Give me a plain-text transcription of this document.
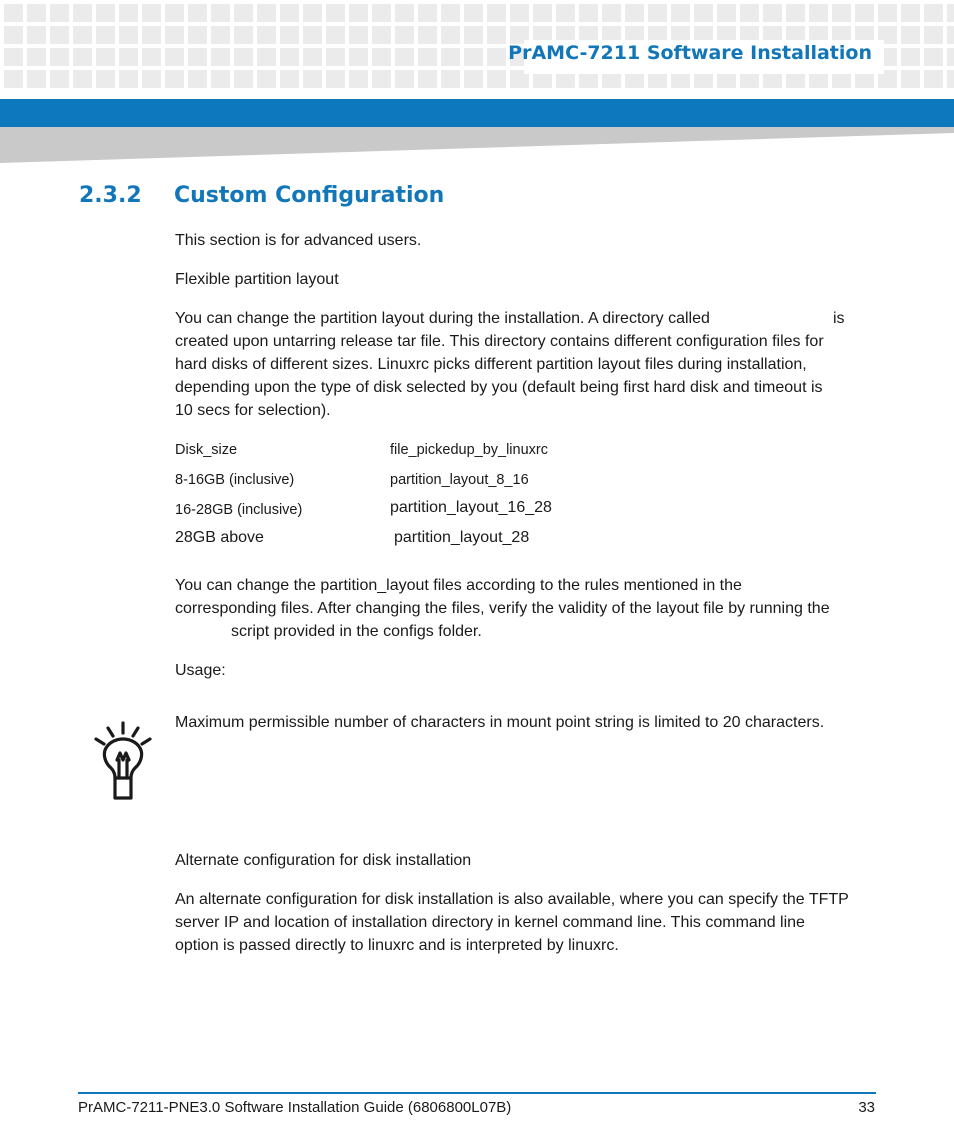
PrAMC-7211 Software Installation
2.3.2 Custom Configuration
This section is for advanced users.
Flexible partition layout
You can change the partition layout during the installation. A directory called	is
created upon untarring release tar file. This directory contains different configuration files for
hard disks of different sizes. Linuxrc picks different partition layout files during installation,
depending upon the type of disk selected by you (default being first hard disk and timeout is
10 secs for selection).
Disk_size	file_pickedup_by_linuxrc
8-16GB (inclusive)	partition_layout_8_16
16-28GB (inclusive)	partition_layout_16_28
28GB above	partition_layout_28
You can change the partition_layout files according to the rules mentioned in the
corresponding files. After changing the files, verify the validity of the layout file by running the
script provided in the configs folder.
Usage:
Maximum permissible number of characters in mount point string is limited to 20 characters.
Alternate configuration for disk installation
An alternate configuration for disk installation is also available, where you can specify the TFTP
server IP and location of installation directory in kernel command line. This command line
option is passed directly to linuxrc and is interpreted by linuxrc.
PrAMC-7211-PNE3.0 Software Installation Guide (6806800L07B)	33
